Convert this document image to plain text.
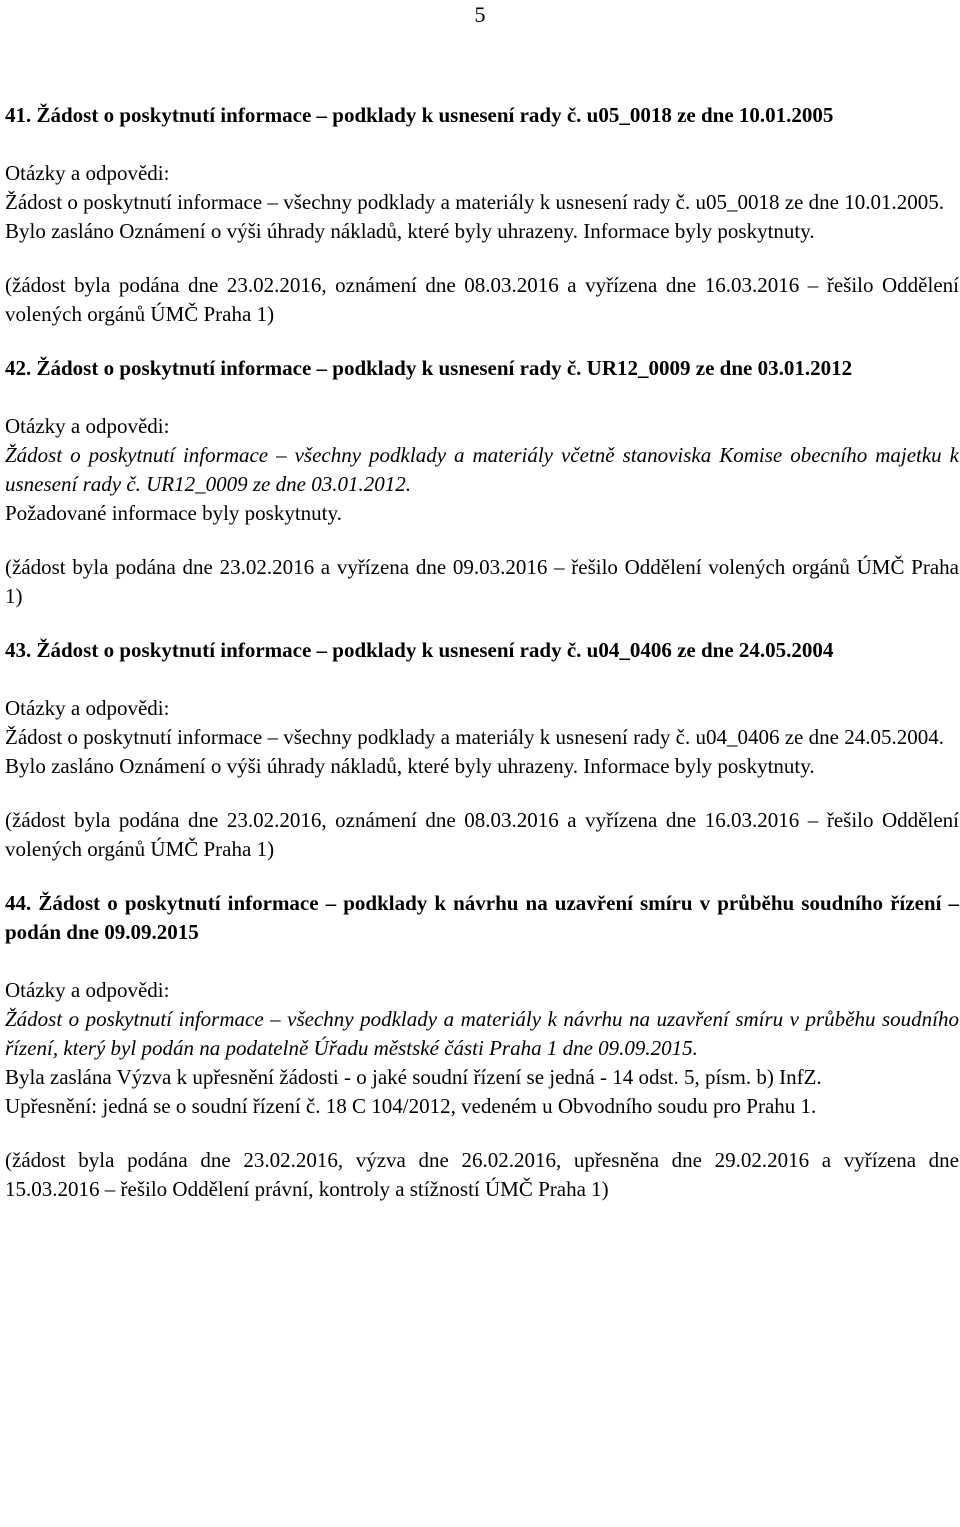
5

41. Žádost o poskytnutí informace – podklady k usnesení rady č. u05_0018 ze dne 10.01.2005

Otázky a odpovědi:

Žádost o poskytnutí informace – všechny podklady a materiály k usnesení rady č. u05_0018 ze dne 10.01.2005.

Bylo zasláno Oznámení o výši úhrady nákladů, které byly uhrazeny. Informace byly poskytnuty.

(žádost byla podána dne 23.02.2016, oznámení dne 08.03.2016 a vyřízena dne 16.03.2016 – řešilo Oddělení volených orgánů ÚMČ Praha 1)

42. Žádost o poskytnutí informace – podklady k usnesení rady č. UR12_0009 ze dne 03.01.2012

Otázky a odpovědi:

Žádost o poskytnutí informace – všechny podklady a materiály včetně stanoviska Komise obecního majetku k usnesení rady č. UR12_0009 ze dne 03.01.2012.

Požadované informace byly poskytnuty.

(žádost byla podána dne 23.02.2016 a vyřízena dne 09.03.2016 – řešilo Oddělení volených orgánů ÚMČ Praha 1)

43. Žádost o poskytnutí informace – podklady k usnesení rady č. u04_0406 ze dne 24.05.2004

Otázky a odpovědi:

Žádost o poskytnutí informace – všechny podklady a materiály k usnesení rady č. u04_0406 ze dne 24.05.2004.

Bylo zasláno Oznámení o výši úhrady nákladů, které byly uhrazeny. Informace byly poskytnuty.

(žádost byla podána dne 23.02.2016, oznámení dne 08.03.2016 a vyřízena dne 16.03.2016 – řešilo Oddělení volených orgánů ÚMČ Praha 1)

44. Žádost o poskytnutí informace – podklady k návrhu na uzavření smíru v průběhu soudního řízení – podán dne 09.09.2015

Otázky a odpovědi:

Žádost o poskytnutí informace – všechny podklady a materiály k návrhu na uzavření smíru v průběhu soudního řízení, který byl podán na podatelně Úřadu městské části Praha 1 dne 09.09.2015.

Byla zaslána Výzva k upřesnění žádosti - o jaké soudní řízení se jedná - 14 odst. 5, písm. b) InfZ.

Upřesnění: jedná se o soudní řízení č. 18 C 104/2012, vedeném u Obvodního soudu pro Prahu 1.

(žádost byla podána dne 23.02.2016, výzva dne 26.02.2016, upřesněna dne 29.02.2016 a vyřízena dne 15.03.2016 – řešilo Oddělení právní, kontroly a stížností ÚMČ Praha 1)
